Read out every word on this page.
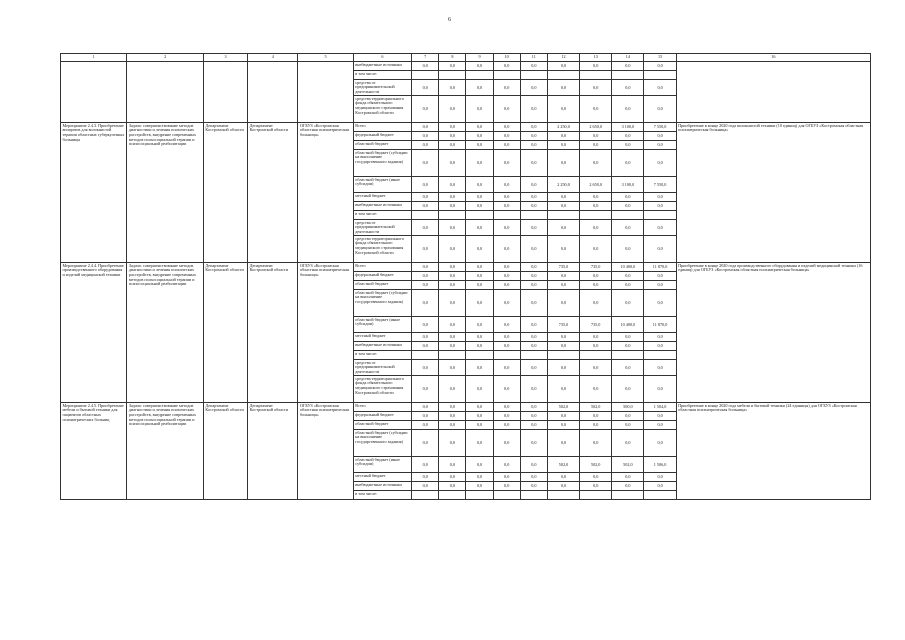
6
1	2	3	4	5	6	7	8	9	10	11	12	13	14	15	16
					внебюджетные источники	0,0	0,0	0,0	0,0	0,0	0,0	0,0	0,0	0,0	
					в том числе:										
					средства от предпринимательской деятельности	0,0	0,0	0,0	0,0	0,0	0,0	0,0	0,0	0,0	
					средства территориального фонда обязательного медицинского страхования Костромской области	0,0	0,0	0,0	0,0	0,0	0,0	0,0	0,0	0,0	
Мероприятие 2.4.3. Приобретение аппаратов для волокнистой терапии областных туберкулезных больницы	Задача: совершенствование методов диагностики и лечения психических расстройств, внедрение современных методов психосоциальной терапии и психосоциальной реабилитации	Департамент Костромской области	Департамент Костромской области	ОГБУЗ «Костромская областная психиатрическая больница»	Всего	0,0	0,0	0,0	0,0	0,0	2 250,0	2 650,0	3 100,0	7 550,0	Приобретение в конце 2020 года волокнистой техники (10 единиц) для ОГБУЗ «Костромская областная психиатрическая больница»
					федеральный бюджет	0,0	0,0	0,0	0,0	0,0	0,0	0,0	0,0	0,0	
					областной бюджет	0,0	0,0	0,0	0,0	0,0	0,0	0,0	0,0	0,0	
					областной бюджет (субсидии на выполнение государственного задания)	0,0	0,0	0,0	0,0	0,0	0,0	0,0	0,0	0,0	
					областной бюджет (иные субсидии)	0,0	0,0	0,0	0,0	0,0	2 250,0	2 650,0	3 100,0	7 550,0	
					местный бюджет	0,0	0,0	0,0	0,0	0,0	0,0	0,0	0,0	0,0	
					внебюджетные источники	0,0	0,0	0,0	0,0	0,0	0,0	0,0	0,0	0,0	
					в том числе:										
					средства от предпринимательской деятельности	0,0	0,0	0,0	0,0	0,0	0,0	0,0	0,0	0,0	
					средства территориального фонда обязательного медицинского страхования Костромской области	0,0	0,0	0,0	0,0	0,0	0,0	0,0	0,0	0,0	
Мероприятие 2.4.4. Приобретение производственного оборудования и изделий медицинской техники	Задача: совершенствование методов диагностики и лечения психических расстройств, внедрение современных методов психосоциальной терапии и психосоциальной реабилитации	Департамент Костромской области	Департамент Костромской области	ОГБУЗ «Костромская областная психиатрическая больница»	Всего	0,0	0,0	0,0	0,0	0,0	735,0	735,0	10 400,0	11 870,0	Приобретение в конце 2020 года производственного оборудования и изделий медицинской техники (16 единиц) для ОГБУЗ «Костромская областная психиатрическая больница»
					федеральный бюджет	0,0	0,0	0,0	0,0	0,0	0,0	0,0	0,0	0,0	
					областной бюджет	0,0	0,0	0,0	0,0	0,0	0,0	0,0	0,0	0,0	
					областной бюджет (субсидии на выполнение государственного задания)	0,0	0,0	0,0	0,0	0,0	0,0	0,0	0,0	0,0	
					областной бюджет (иные субсидии)	0,0	0,0	0,0	0,0	0,0	735,0	735,0	10 400,0	11 870,0	
					местный бюджет	0,0	0,0	0,0	0,0	0,0	0,0	0,0	0,0	0,0	
					внебюджетные источники	0,0	0,0	0,0	0,0	0,0	0,0	0,0	0,0	0,0	
					в том числе:										
					средства от предпринимательской деятельности	0,0	0,0	0,0	0,0	0,0	0,0	0,0	0,0	0,0	
					средства территориального фонда обязательного медицинского страхования Костромской области	0,0	0,0	0,0	0,0	0,0	0,0	0,0	0,0	0,0	
Мероприятие 2.4.5. Приобретение мебели и бытовой техники для пациентов областных психиатрических больниц	Задача: совершенствование методов диагностики и лечения психических расстройств, внедрение современных методов психосоциальной терапии и психосоциальной реабилитации	Департамент Костромской области	Департамент Костромской области	ОГБУЗ «Костромская областная психиатрическая больница»	Всего	0,0	0,0	0,0	0,0	0,0	502,0	502,0	500,0	1 504,0	Приобретение в конце 2020 года мебели и бытовой техники (24 единицы) для ОГБУЗ «Костромская областная психиатрическая больница»
					федеральный бюджет	0,0	0,0	0,0	0,0	0,0	0,0	0,0	0,0	0,0	
					областной бюджет	0,0	0,0	0,0	0,0	0,0	0,0	0,0	0,0	0,0	
					областной бюджет (субсидии на выполнение государственного задания)	0,0	0,0	0,0	0,0	0,0	0,0	0,0	0,0	0,0	
					областной бюджет (иные субсидии)	0,0	0,0	0,0	0,0	0,0	502,0	502,0	502,0	1 506,0	
					местный бюджет	0,0	0,0	0,0	0,0	0,0	0,0	0,0	0,0	0,0	
					внебюджетные источники	0,0	0,0	0,0	0,0	0,0	0,0	0,0	0,0	0,0	
					в том числе:										
